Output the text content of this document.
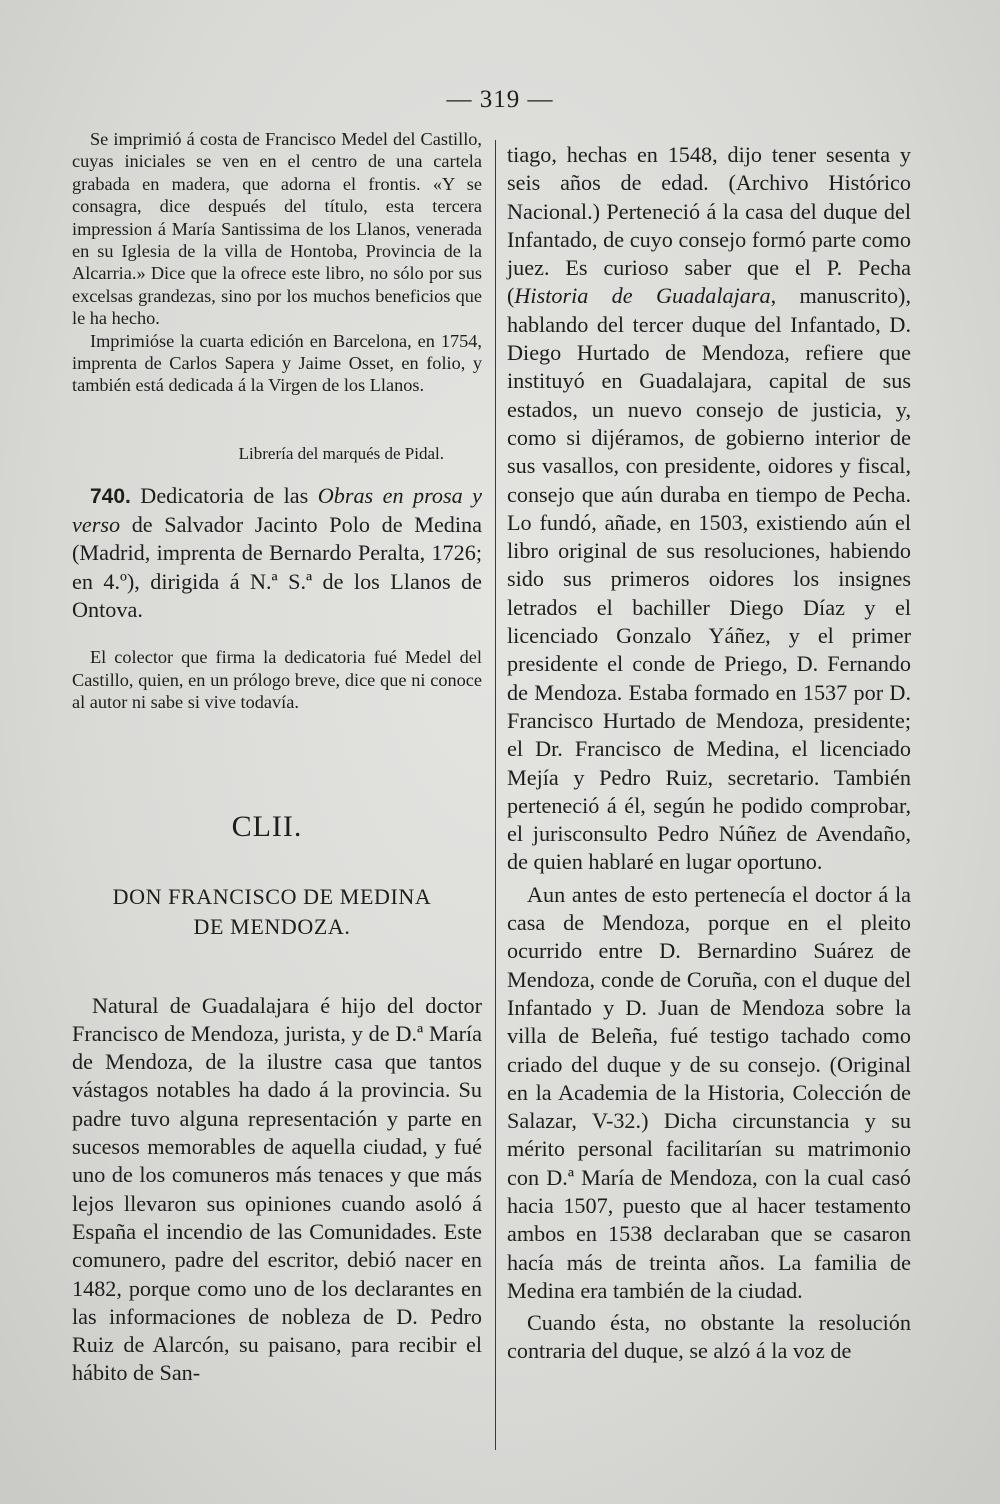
— 319 —

Se imprimió á costa de Francisco Medel del Castillo, cuyas iniciales se ven en el centro de una cartela grabada en madera, que adorna el frontis. «Y se consagra, dice después del título, esta tercera impression á María Santissima de los Llanos, venerada en su Iglesia de la villa de Hontoba, Provincia de la Alcarria.» Dice que la ofrece este libro, no sólo por sus excelsas grandezas, sino por los muchos beneficios que le ha hecho.

Imprimióse la cuarta edición en Barcelona, en 1754, imprenta de Carlos Sapera y Jaime Osset, en folio, y también está dedicada á la Virgen de los Llanos.

Librería del marqués de Pidal.

740. Dedicatoria de las Obras en prosa y verso de Salvador Jacinto Polo de Medina (Madrid, imprenta de Bernardo Peralta, 1726; en 4.º), dirigida á N.ª S.ª de los Llanos de Ontova.

El colector que firma la dedicatoria fué Medel del Castillo, quien, en un prólogo breve, dice que ni conoce al autor ni sabe si vive todavía.

CLII.
DON FRANCISCO DE MEDINA
DE MENDOZA.

Natural de Guadalajara é hijo del doctor Francisco de Mendoza, jurista, y de D.ª María de Mendoza, de la ilustre casa que tantos vástagos notables ha dado á la provincia. Su padre tuvo alguna representación y parte en sucesos memorables de aquella ciudad, y fué uno de los comuneros más tenaces y que más lejos llevaron sus opiniones cuando asoló á España el incendio de las Comunidades. Este comunero, padre del escritor, debió nacer en 1482, porque como uno de los declarantes en las informaciones de nobleza de D. Pedro Ruiz de Alarcón, su paisano, para recibir el hábito de San-

tiago, hechas en 1548, dijo tener sesenta y seis años de edad. (Archivo Histórico Nacional.) Perteneció á la casa del duque del Infantado, de cuyo consejo formó parte como juez. Es curioso saber que el P. Pecha (Historia de Guadalajara, manuscrito), hablando del tercer duque del Infantado, D. Diego Hurtado de Mendoza, refiere que instituyó en Guadalajara, capital de sus estados, un nuevo consejo de justicia, y, como si dijéramos, de gobierno interior de sus vasallos, con presidente, oidores y fiscal, consejo que aún duraba en tiempo de Pecha. Lo fundó, añade, en 1503, existiendo aún el libro original de sus resoluciones, habiendo sido sus primeros oidores los insignes letrados el bachiller Diego Díaz y el licenciado Gonzalo Yáñez, y el primer presidente el conde de Priego, D. Fernando de Mendoza. Estaba formado en 1537 por D. Francisco Hurtado de Mendoza, presidente; el Dr. Francisco de Medina, el licenciado Mejía y Pedro Ruiz, secretario. También perteneció á él, según he podido comprobar, el jurisconsulto Pedro Núñez de Avendaño, de quien hablaré en lugar oportuno.

Aun antes de esto pertenecía el doctor á la casa de Mendoza, porque en el pleito ocurrido entre D. Bernardino Suárez de Mendoza, conde de Coruña, con el duque del Infantado y D. Juan de Mendoza sobre la villa de Beleña, fué testigo tachado como criado del duque y de su consejo. (Original en la Academia de la Historia, Colección de Salazar, V-32.) Dicha circunstancia y su mérito personal facilitarían su matrimonio con D.ª María de Mendoza, con la cual casó hacia 1507, puesto que al hacer testamento ambos en 1538 declaraban que se casaron hacía más de treinta años. La familia de Medina era también de la ciudad.

Cuando ésta, no obstante la resolución contraria del duque, se alzó á la voz de
